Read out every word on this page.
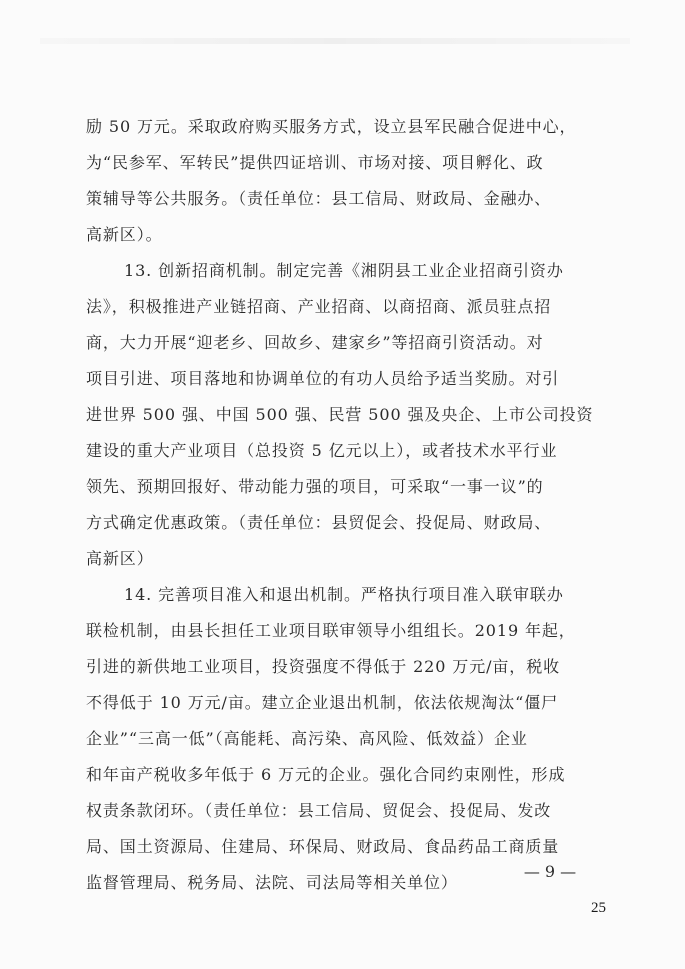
励 50 万元。采取政府购买服务方式，设立县军民融合促进中心，
为“民参军、军转民”提供四证培训、市场对接、项目孵化、政
策辅导等公共服务。（责任单位：县工信局、财政局、金融办、
高新区）。
13. 创新招商机制。制定完善《湘阴县工业企业招商引资办
法》，积极推进产业链招商、产业招商、以商招商、派员驻点招
商，大力开展“迎老乡、回故乡、建家乡”等招商引资活动。对
项目引进、项目落地和协调单位的有功人员给予适当奖励。对引
进世界 500 强、中国 500 强、民营 500 强及央企、上市公司投资
建设的重大产业项目（总投资 5 亿元以上），或者技术水平行业
领先、预期回报好、带动能力强的项目，可采取“一事一议”的
方式确定优惠政策。（责任单位：县贸促会、投促局、财政局、
高新区）
14. 完善项目准入和退出机制。严格执行项目准入联审联办
联检机制，由县长担任工业项目联审领导小组组长。2019 年起，
引进的新供地工业项目，投资强度不得低于 220 万元/亩，税收
不得低于 10 万元/亩。建立企业退出机制，依法依规淘汰“僵尸
企业”“三高一低”（高能耗、高污染、高风险、低效益）企业
和年亩产税收多年低于 6 万元的企业。强化合同约束刚性，形成
权责条款闭环。（责任单位：县工信局、贸促会、投促局、发改
局、国土资源局、住建局、环保局、财政局、食品药品工商质量
监督管理局、税务局、法院、司法局等相关单位）
— 9 —
25
